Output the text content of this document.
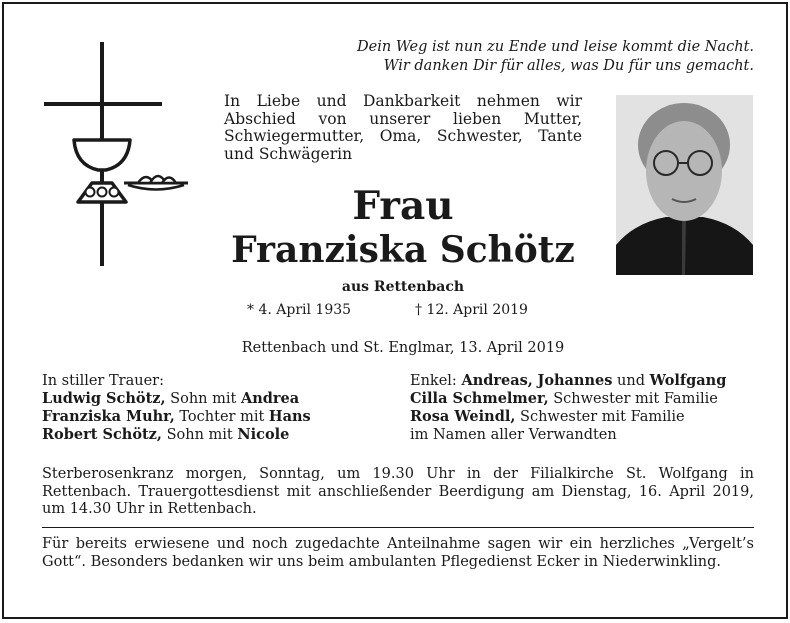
Dein Weg ist nun zu Ende und leise kommt die Nacht.
Wir danken Dir für alles, was Du für uns gemacht.
In Liebe und Dankbarkeit nehmen wir Abschied von unserer lieben Mutter, Schwiegermutter, Oma, Schwester, Tante und Schwägerin
Frau
Franziska Schötz
aus Rettenbach
* 4. April 1935	† 12. April 2019
Rettenbach und St. Englmar, 13. April 2019
In stiller Trauer:
Ludwig Schötz, Sohn mit Andrea
Franziska Muhr, Tochter mit Hans
Robert Schötz, Sohn mit Nicole
Enkel: Andreas, Johannes und Wolfgang
Cilla Schmelmer, Schwester mit Familie
Rosa Weindl, Schwester mit Familie
im Namen aller Verwandten
Sterberosenkranz morgen, Sonntag, um 19.30 Uhr in der Filialkirche St. Wolfgang in Rettenbach. Trauergottesdienst mit anschließender Beerdigung am Dienstag, 16. April 2019, um 14.30 Uhr in Rettenbach.
Für bereits erwiesene und noch zugedachte Anteilnahme sagen wir ein herzliches „Vergelt’s Gott“. Besonders bedanken wir uns beim ambulanten Pflegedienst Ecker in Niederwinkling.
